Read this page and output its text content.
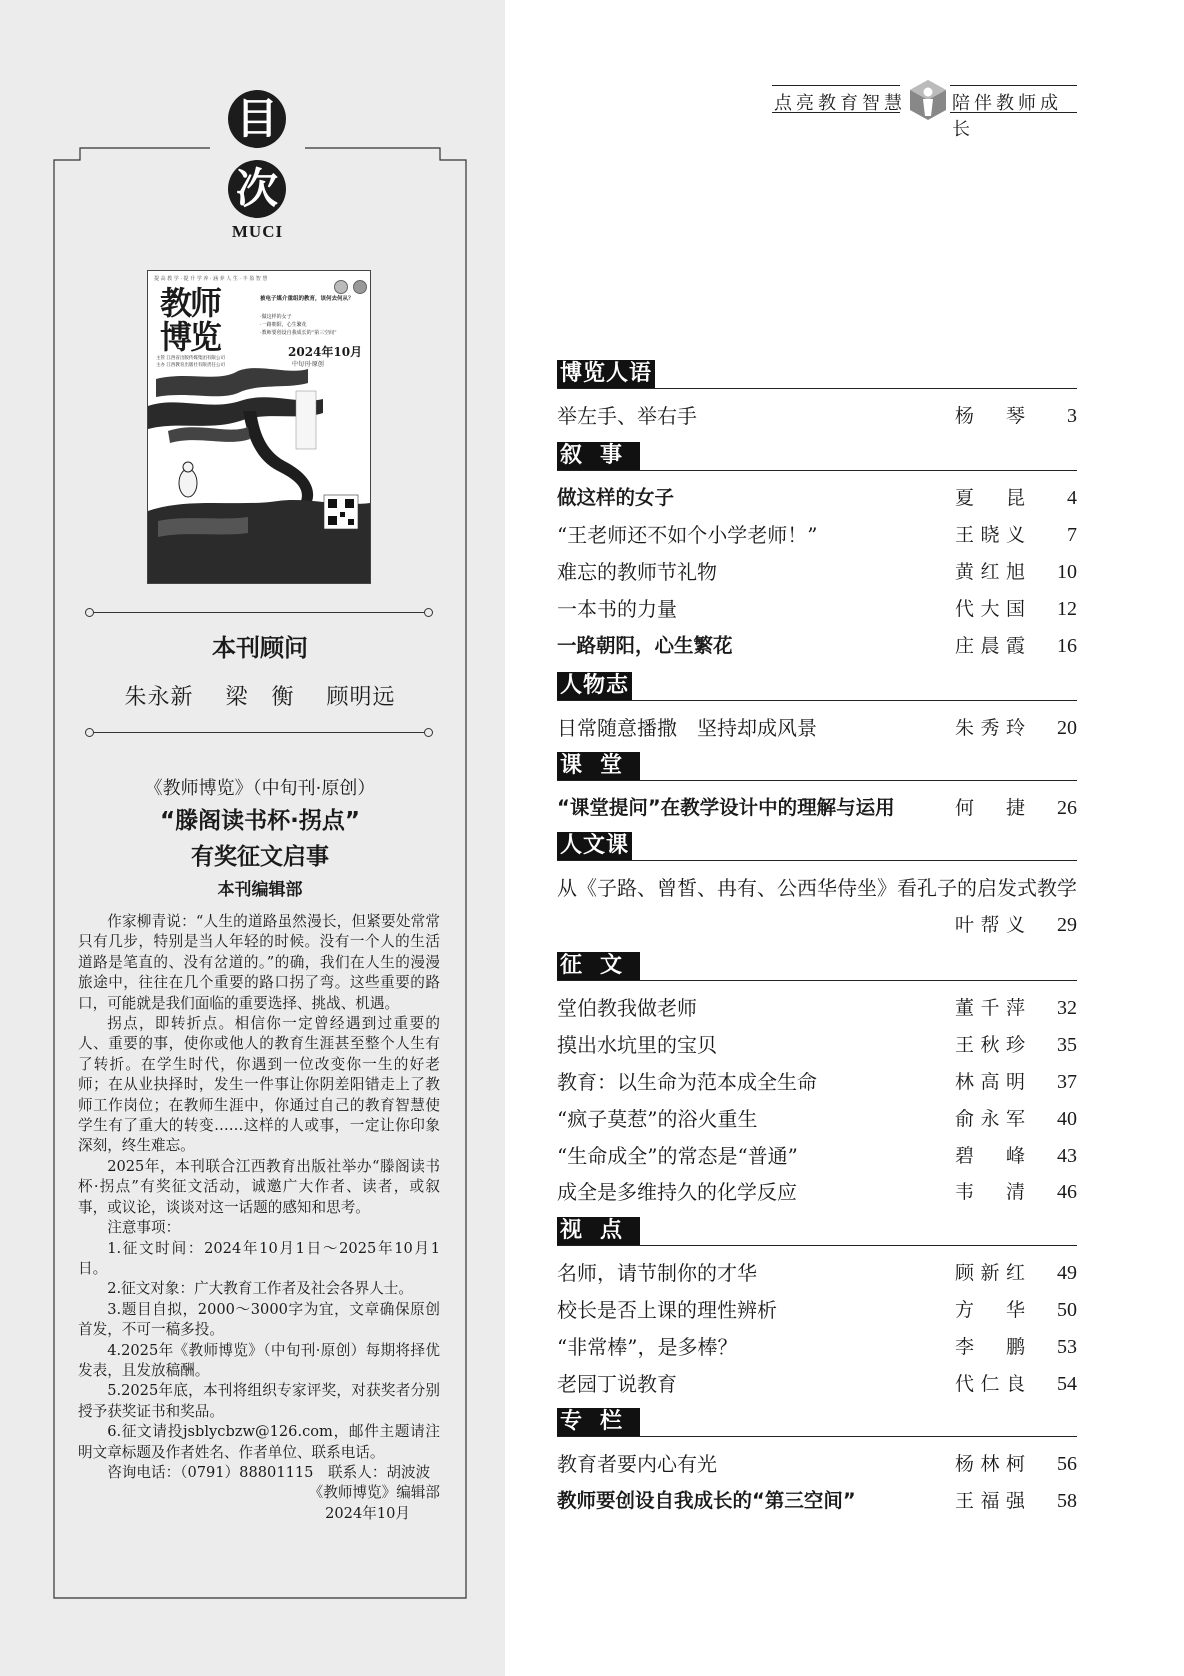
目
次
MUCI
提 高 教 学 · 提 升 学 养 · 涵 养 人 生 · 丰 盈 智 慧

教师
博览
被电子媒介重组的教育，该何去何从？
·做这样的女子
·一路朝阳，心生繁花
·教师要创设自我成长的“第三空间”
2024年10月
中旬刊·原创
主管 江西省出版传媒集团有限公司
主办 江西教育出版社有限责任公司
本刊顾问
朱永新 梁　衡 顾明远
《教师博览》（中旬刊·原创）
“滕阁读书杯·拐点”
有奖征文启事
本刊编辑部

作家柳青说：“人生的道路虽然漫长，但紧要处常常只有几步，特别是当人年轻的时候。没有一个人的生活道路是笔直的、没有岔道的。”的确，我们在人生的漫漫旅途中，往往在几个重要的路口拐了弯。这些重要的路口，可能就是我们面临的重要选择、挑战、机遇。

拐点，即转折点。相信你一定曾经遇到过重要的人、重要的事，使你或他人的教育生涯甚至整个人生有了转折。在学生时代，你遇到一位改变你一生的好老师；在从业抉择时，发生一件事让你阴差阳错走上了教师工作岗位；在教师生涯中，你通过自己的教育智慧使学生有了重大的转变……这样的人或事，一定让你印象深刻，终生难忘。

2025年，本刊联合江西教育出版社举办“滕阁读书杯·拐点”有奖征文活动，诚邀广大作者、读者，或叙事，或议论，谈谈对这一话题的感知和思考。

注意事项：

1.征文时间：2024年10月1日～2025年10月1日。

2.征文对象：广大教育工作者及社会各界人士。

3.题目自拟，2000～3000字为宜，文章确保原创首发，不可一稿多投。

4.2025年《教师博览》（中旬刊·原创）每期将择优发表，且发放稿酬。

5.2025年底，本刊将组织专家评奖，对获奖者分别授予获奖证书和奖品。

6.征文请投jsblycbzw@126.com，邮件主题请注明文章标题及作者姓名、作者单位、联系电话。

咨询电话：（0791）88801115　联系人：胡波波

《教师博览》编辑部

2024年10月

点亮教育智慧	陪伴教师成长
博览人语
举左手、举右手	杨琴 3
叙事
做这样的女子	夏昆 4
“王老师还不如个小学老师！”	王晓义 7
难忘的教师节礼物	黄红旭 10
一本书的力量	代大国 12
一路朝阳，心生繁花	庄晨霞 16
人物志
日常随意播撒　坚持却成风景	朱秀玲 20
课堂
“课堂提问”在教学设计中的理解与运用	何捷 26
人文课
从《子路、曾皙、冉有、公西华侍坐》看孔子的启发式教学
叶帮义 29
征文
堂伯教我做老师	董千萍 32
摸出水坑里的宝贝	王秋珍 35
教育：以生命为范本成全生命	林高明 37
“疯子莫惹”的浴火重生	俞永军 40
“生命成全”的常态是“普通”	碧峰 43
成全是多维持久的化学反应	韦清 46
视点
名师，请节制你的才华	顾新红 49
校长是否上课的理性辨析	方华 50
“非常棒”，是多棒？	李鹏 53
老园丁说教育	代仁良 54
专栏
教育者要内心有光	杨林柯 56
教师要创设自我成长的“第三空间”	王福强 58
